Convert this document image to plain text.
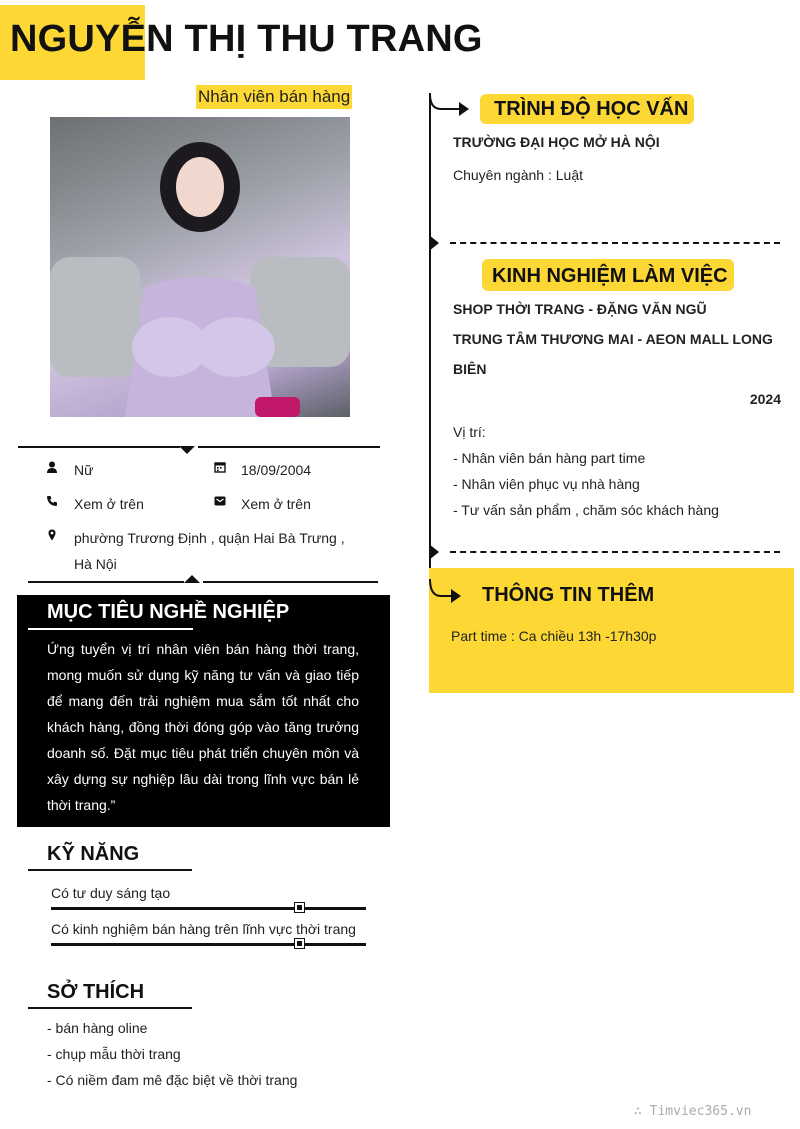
NGUYỄN THỊ THU TRANG
Nhân viên bán hàng
Nữ	18/09/2004
Xem ở trên	Xem ở trên
phường Trương Định , quận Hai Bà Trưng ,
Hà Nội
MỤC TIÊU NGHỀ NGHIỆP
Ứng tuyển vị trí nhân viên bán hàng thời trang, mong muốn sử dụng kỹ năng tư vấn và giao tiếp để mang đến trải nghiệm mua sắm tốt nhất cho khách hàng, đồng thời đóng góp vào tăng trưởng doanh số. Đặt mục tiêu phát triển chuyên môn và xây dựng sự nghiệp lâu dài trong lĩnh vực bán lẻ thời trang.”
KỸ NĂNG
Có tư duy sáng tạo
Có kinh nghiệm bán hàng trên lĩnh vực thời trang
SỞ THÍCH
- bán hàng oline
- chụp mẫu thời trang
- Có niềm đam mê đặc biệt về thời trang
TRÌNH ĐỘ HỌC VẤN
TRƯỜNG ĐẠI HỌC MỞ HÀ NỘI
Chuyên ngành : Luật
KINH NGHIỆM LÀM VIỆC
SHOP THỜI TRANG - ĐẶNG VĂN NGŨ
TRUNG TÂM THƯƠNG MAI - AEON MALL LONG
BIÊN
2024
Vị trí:
- Nhân viên bán hàng part time
- Nhân viên phục vụ nhà hàng
- Tư vấn sản phẩm , chăm sóc khách hàng
THÔNG TIN THÊM
Part time : Ca chiều 13h -17h30p
∴ Timviec365.vn
